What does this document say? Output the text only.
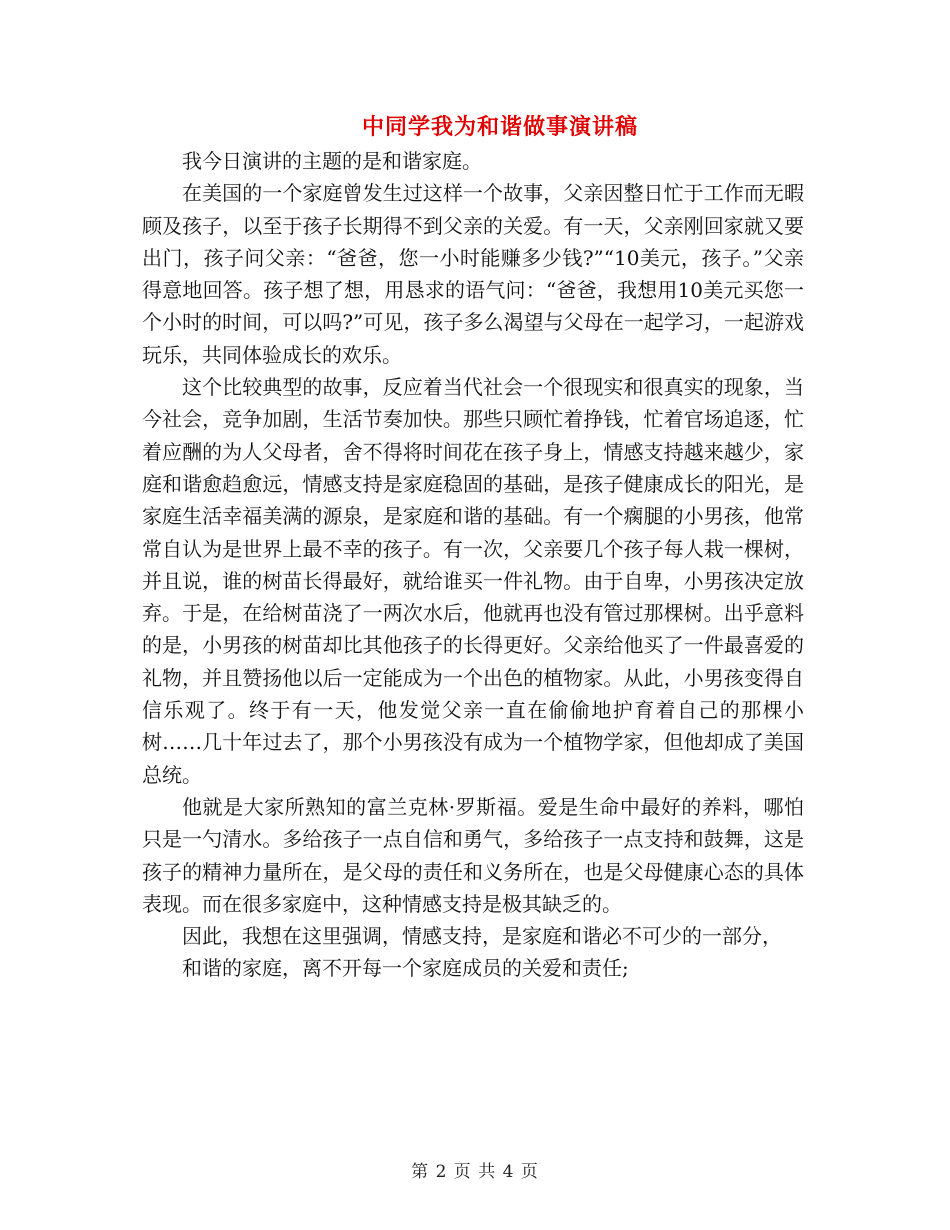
中同学我为和谐做事演讲稿

我今日演讲的主题的是和谐家庭。

在美国的一个家庭曾发生过这样一个故事，父亲因整日忙于工作而无暇顾及孩子，以至于孩子长期得不到父亲的关爱。有一天，父亲刚回家就又要出门，孩子问父亲：“爸爸，您一小时能赚多少钱?”“10美元，孩子。”父亲得意地回答。孩子想了想，用恳求的语气问：“爸爸，我想用10美元买您一个小时的时间，可以吗?”可见，孩子多么渴望与父母在一起学习，一起游戏玩乐，共同体验成长的欢乐。

这个比较典型的故事，反应着当代社会一个很现实和很真实的现象，当今社会，竞争加剧，生活节奏加快。那些只顾忙着挣钱，忙着官场追逐，忙着应酬的为人父母者，舍不得将时间花在孩子身上，情感支持越来越少，家庭和谐愈趋愈远，情感支持是家庭稳固的基础，是孩子健康成长的阳光，是家庭生活幸福美满的源泉，是家庭和谐的基础。有一个瘸腿的小男孩，他常常自认为是世界上最不幸的孩子。有一次，父亲要几个孩子每人栽一棵树，并且说，谁的树苗长得最好，就给谁买一件礼物。由于自卑，小男孩决定放弃。于是，在给树苗浇了一两次水后，他就再也没有管过那棵树。出乎意料的是，小男孩的树苗却比其他孩子的长得更好。父亲给他买了一件最喜爱的礼物，并且赞扬他以后一定能成为一个出色的植物家。从此，小男孩变得自信乐观了。终于有一天，他发觉父亲一直在偷偷地护育着自己的那棵小树……几十年过去了，那个小男孩没有成为一个植物学家，但他却成了美国总统。

他就是大家所熟知的富兰克林·罗斯福。爱是生命中最好的养料，哪怕只是一勺清水。多给孩子一点自信和勇气，多给孩子一点支持和鼓舞，这是孩子的精神力量所在，是父母的责任和义务所在，也是父母健康心态的具体表现。而在很多家庭中，这种情感支持是极其缺乏的。

因此，我想在这里强调，情感支持，是家庭和谐必不可少的一部分，

和谐的家庭，离不开每一个家庭成员的关爱和责任;

第 2 页 共 4 页
